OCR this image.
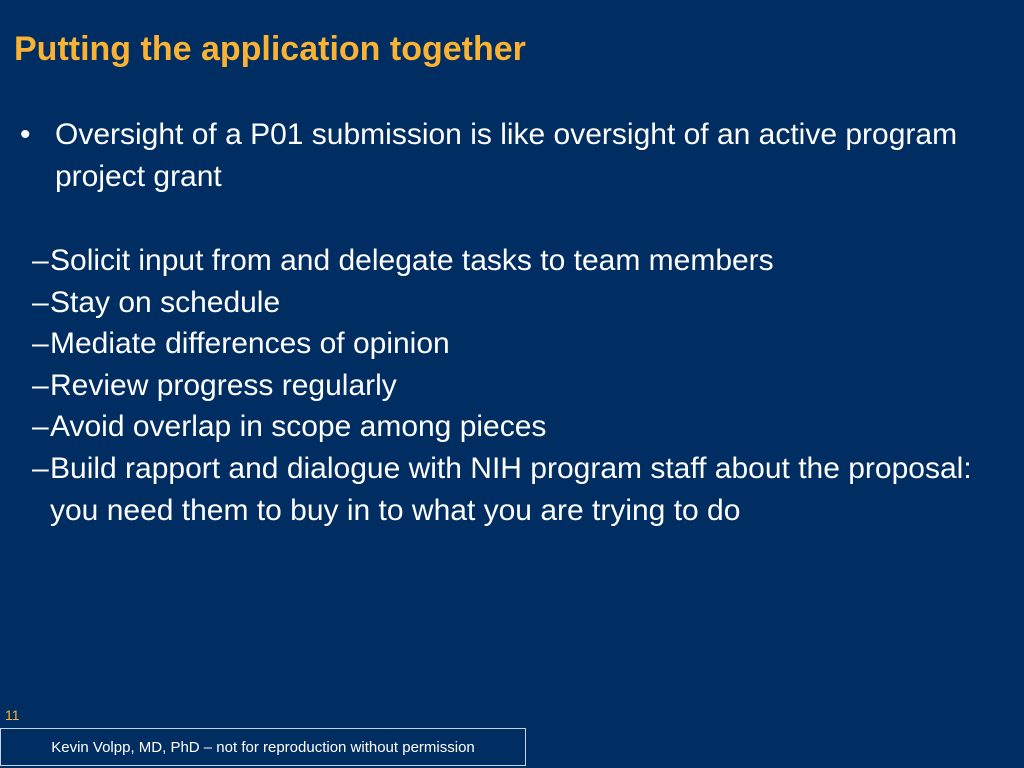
Putting the application together
• Oversight of a P01 submission is like oversight of an active program project grant
– Solicit input from and delegate tasks to team members
– Stay on schedule
– Mediate differences of opinion
– Review progress regularly
– Avoid overlap in scope among pieces
– Build rapport and dialogue with NIH program staff about the proposal: you need them to buy in to what you are trying to do
11
Kevin Volpp, MD, PhD – not for reproduction without permission
